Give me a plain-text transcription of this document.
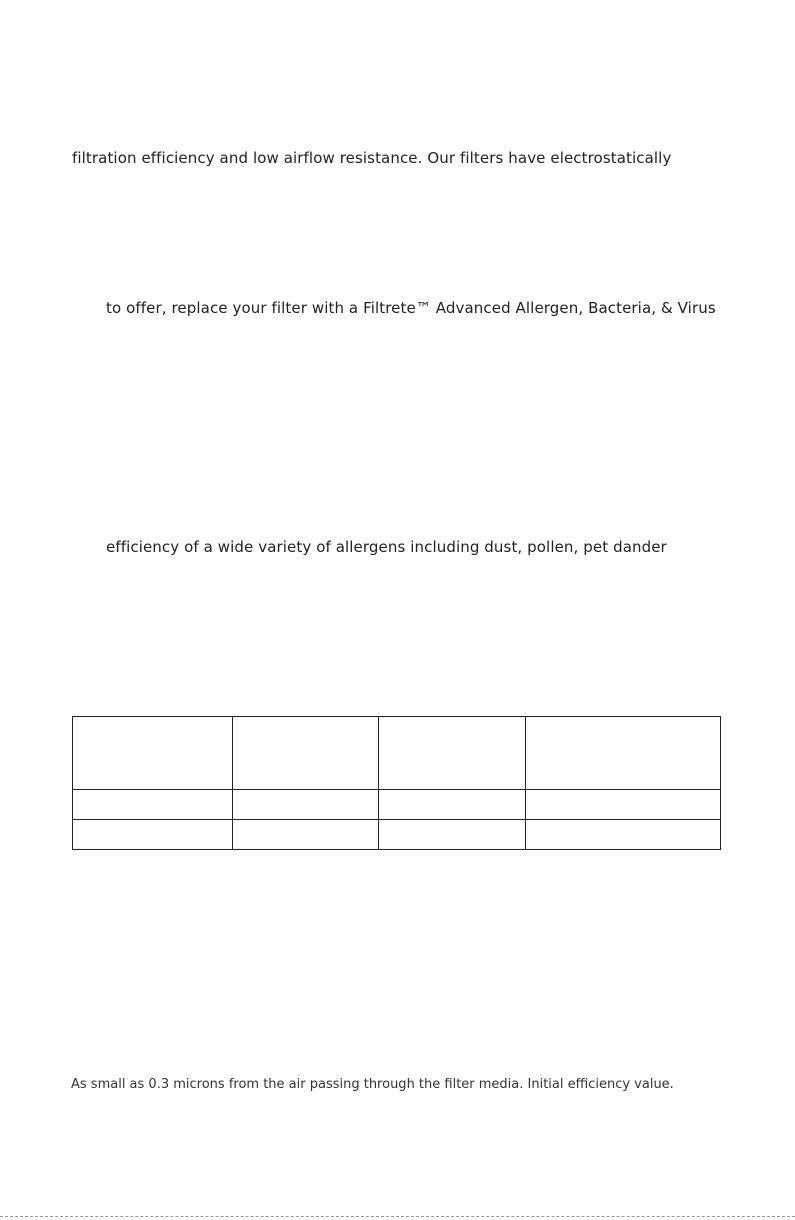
filtration efficiency and low airflow resistance. Our filters have electrostatically
to offer, replace your filter with a Filtrete™ Advanced Allergen, Bacteria, & Virus
efficiency of a wide variety of allergens including dust, pollen, pet dander

As small as 0.3 microns from the air passing through the filter media. Initial efficiency value.
